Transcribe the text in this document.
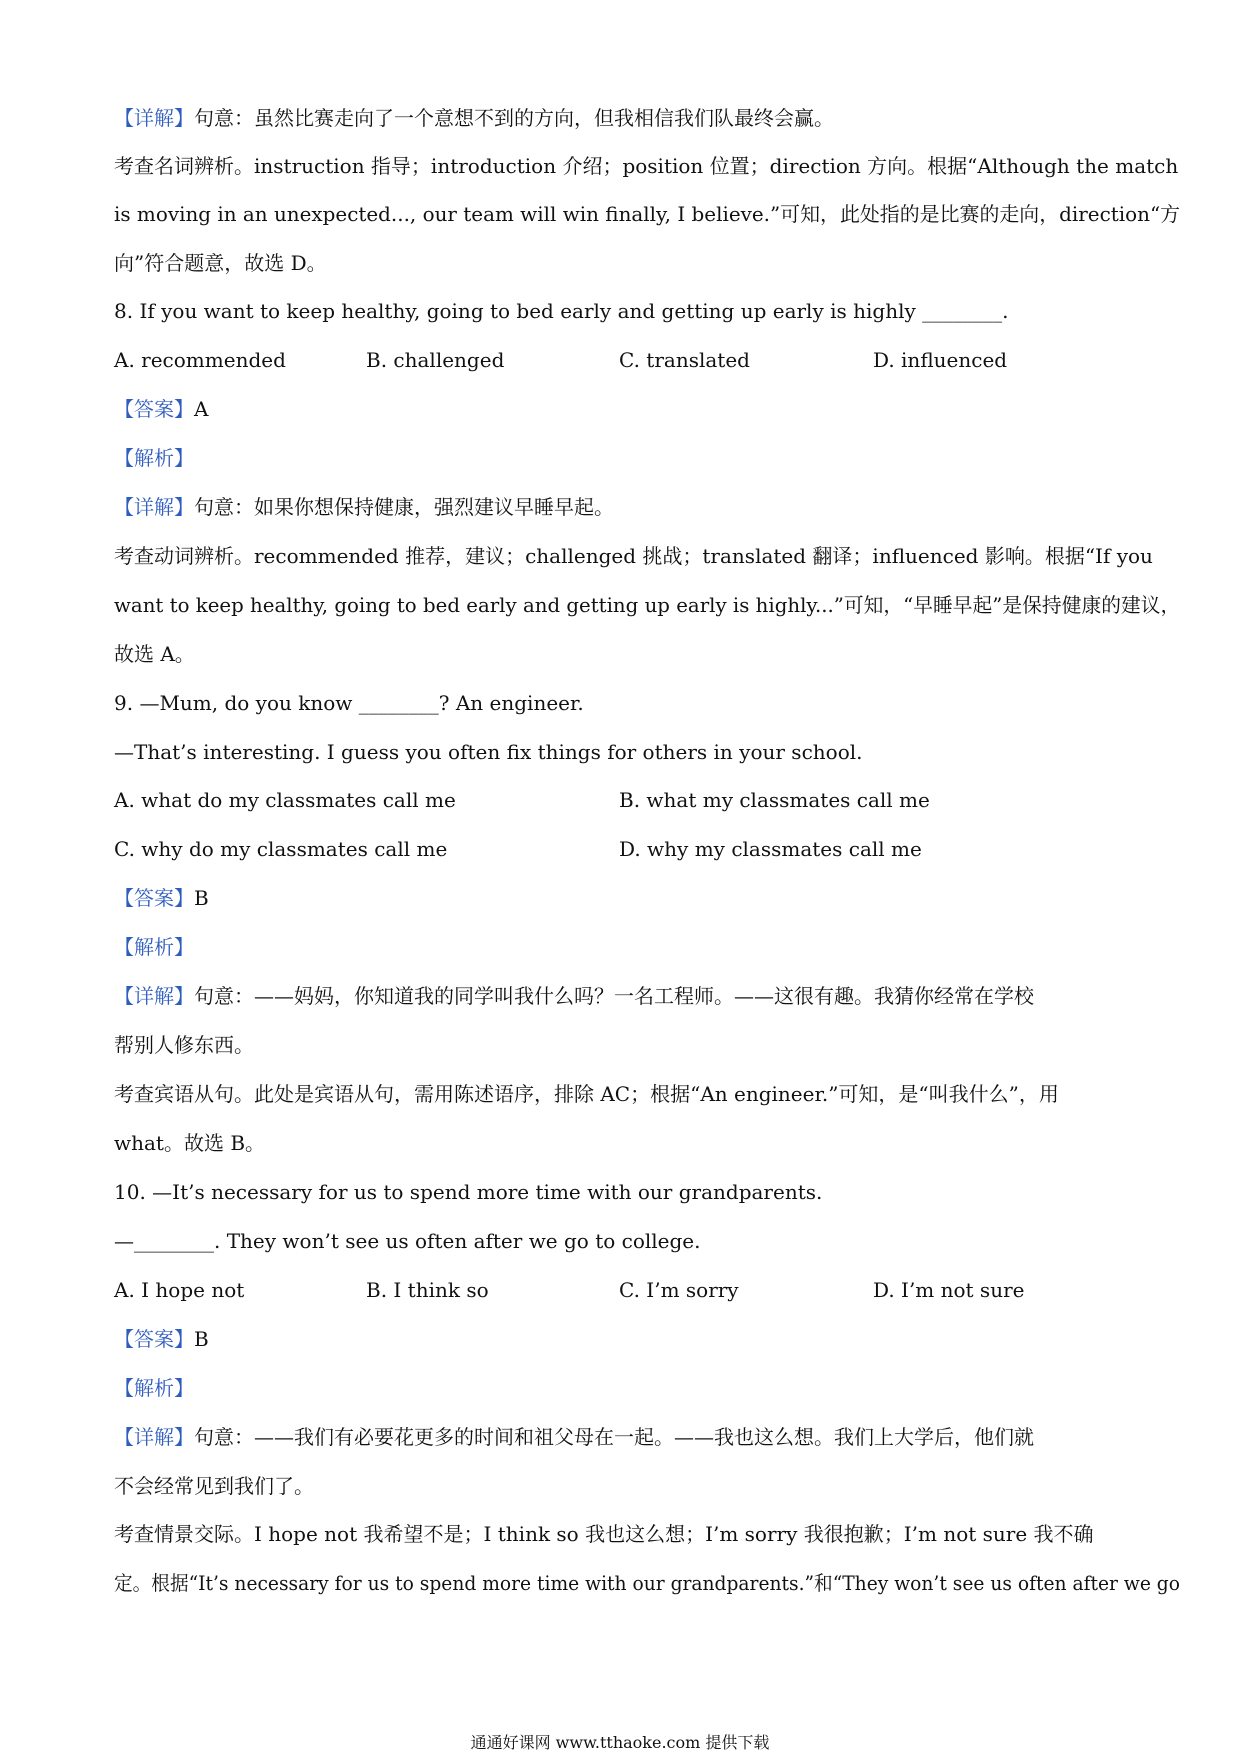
【详解】句意：虽然比赛走向了一个意想不到的方向，但我相信我们队最终会赢。
考查名词辨析。instruction 指导；introduction 介绍；position 位置；direction 方向。根据“Although the match
is moving in an unexpected..., our team will win finally, I believe.”可知，此处指的是比赛的走向，direction“方
向”符合题意，故选 D。
8. If you want to keep healthy, going to bed early and getting up early is highly ________.
A. recommended	B. challenged	C. translated	D. influenced
【答案】A
【解析】
【详解】句意：如果你想保持健康，强烈建议早睡早起。
考查动词辨析。recommended 推荐，建议；challenged 挑战；translated 翻译；influenced 影响。根据“If you
want to keep healthy, going to bed early and getting up early is highly...”可知，“早睡早起”是保持健康的建议，
故选 A。
9. —Mum, do you know ________? An engineer.
—That’s interesting. I guess you often fix things for others in your school.
A. what do my classmates call me	B. what my classmates call me
C. why do my classmates call me	D. why my classmates call me
【答案】B
【解析】
【详解】句意：——妈妈，你知道我的同学叫我什么吗？一名工程师。——这很有趣。我猜你经常在学校
帮别人修东西。
考查宾语从句。此处是宾语从句，需用陈述语序，排除 AC；根据“An engineer.”可知，是“叫我什么”，用
what。故选 B。
10. —It’s necessary for us to spend more time with our grandparents.
—________. They won’t see us often after we go to college.
A. I hope not	B. I think so	C. I’m sorry	D. I’m not sure
【答案】B
【解析】
【详解】句意：——我们有必要花更多的时间和祖父母在一起。——我也这么想。我们上大学后，他们就
不会经常见到我们了。
考查情景交际。I hope not 我希望不是；I think so 我也这么想；I’m sorry 我很抱歉；I’m not sure 我不确
定。根据“It’s necessary for us to spend more time with our grandparents.”和“They won’t see us often after we go
通通好课网 www.tthaoke.com 提供下载
